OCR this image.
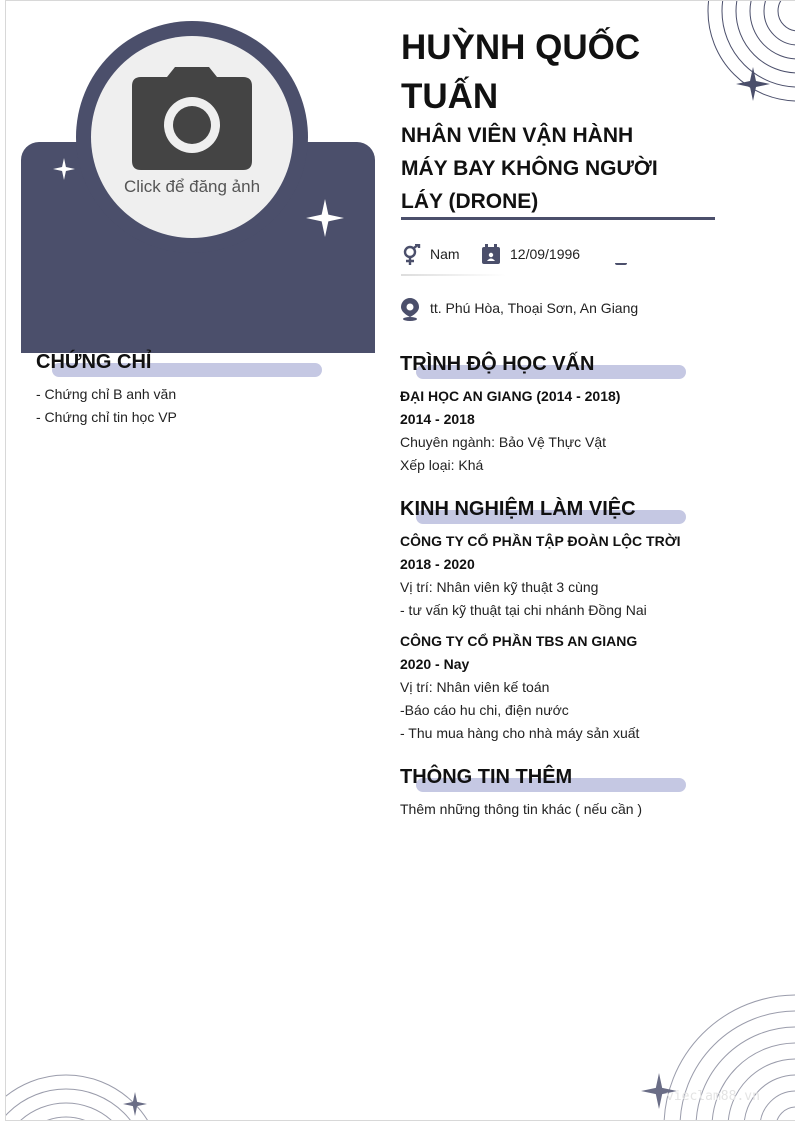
Click để đăng ảnh
HUỲNH QUỐC
TUẤN
NHÂN VIÊN VẬN HÀNH
MÁY BAY KHÔNG NGƯỜI
LÁY (DRONE)
Nam	12/09/1996
tt. Phú Hòa, Thoại Sơn, An Giang
CHỨNG CHỈ
- Chứng chỉ B anh văn
- Chứng chỉ tin học VP
TRÌNH ĐỘ HỌC VẤN
ĐẠI HỌC AN GIANG (2014 - 2018)
2014 - 2018
Chuyên ngành: Bảo Vệ Thực Vật
Xếp loại: Khá
KINH NGHIỆM LÀM VIỆC
CÔNG TY CỔ PHẦN TẬP ĐOÀN LỘC TRỜI
2018 - 2020
Vị trí: Nhân viên kỹ thuật 3 cùng
- tư vấn kỹ thuật tại chi nhánh Đồng Nai
CÔNG TY CỔ PHẦN TBS AN GIANG
2020 - Nay
Vị trí: Nhân viên kế toán
-Báo cáo hu chi, điện nước
- Thu mua hàng cho nhà máy sản xuất
THÔNG TIN THÊM
Thêm những thông tin khác ( nếu cần )
vieclam88.vn
